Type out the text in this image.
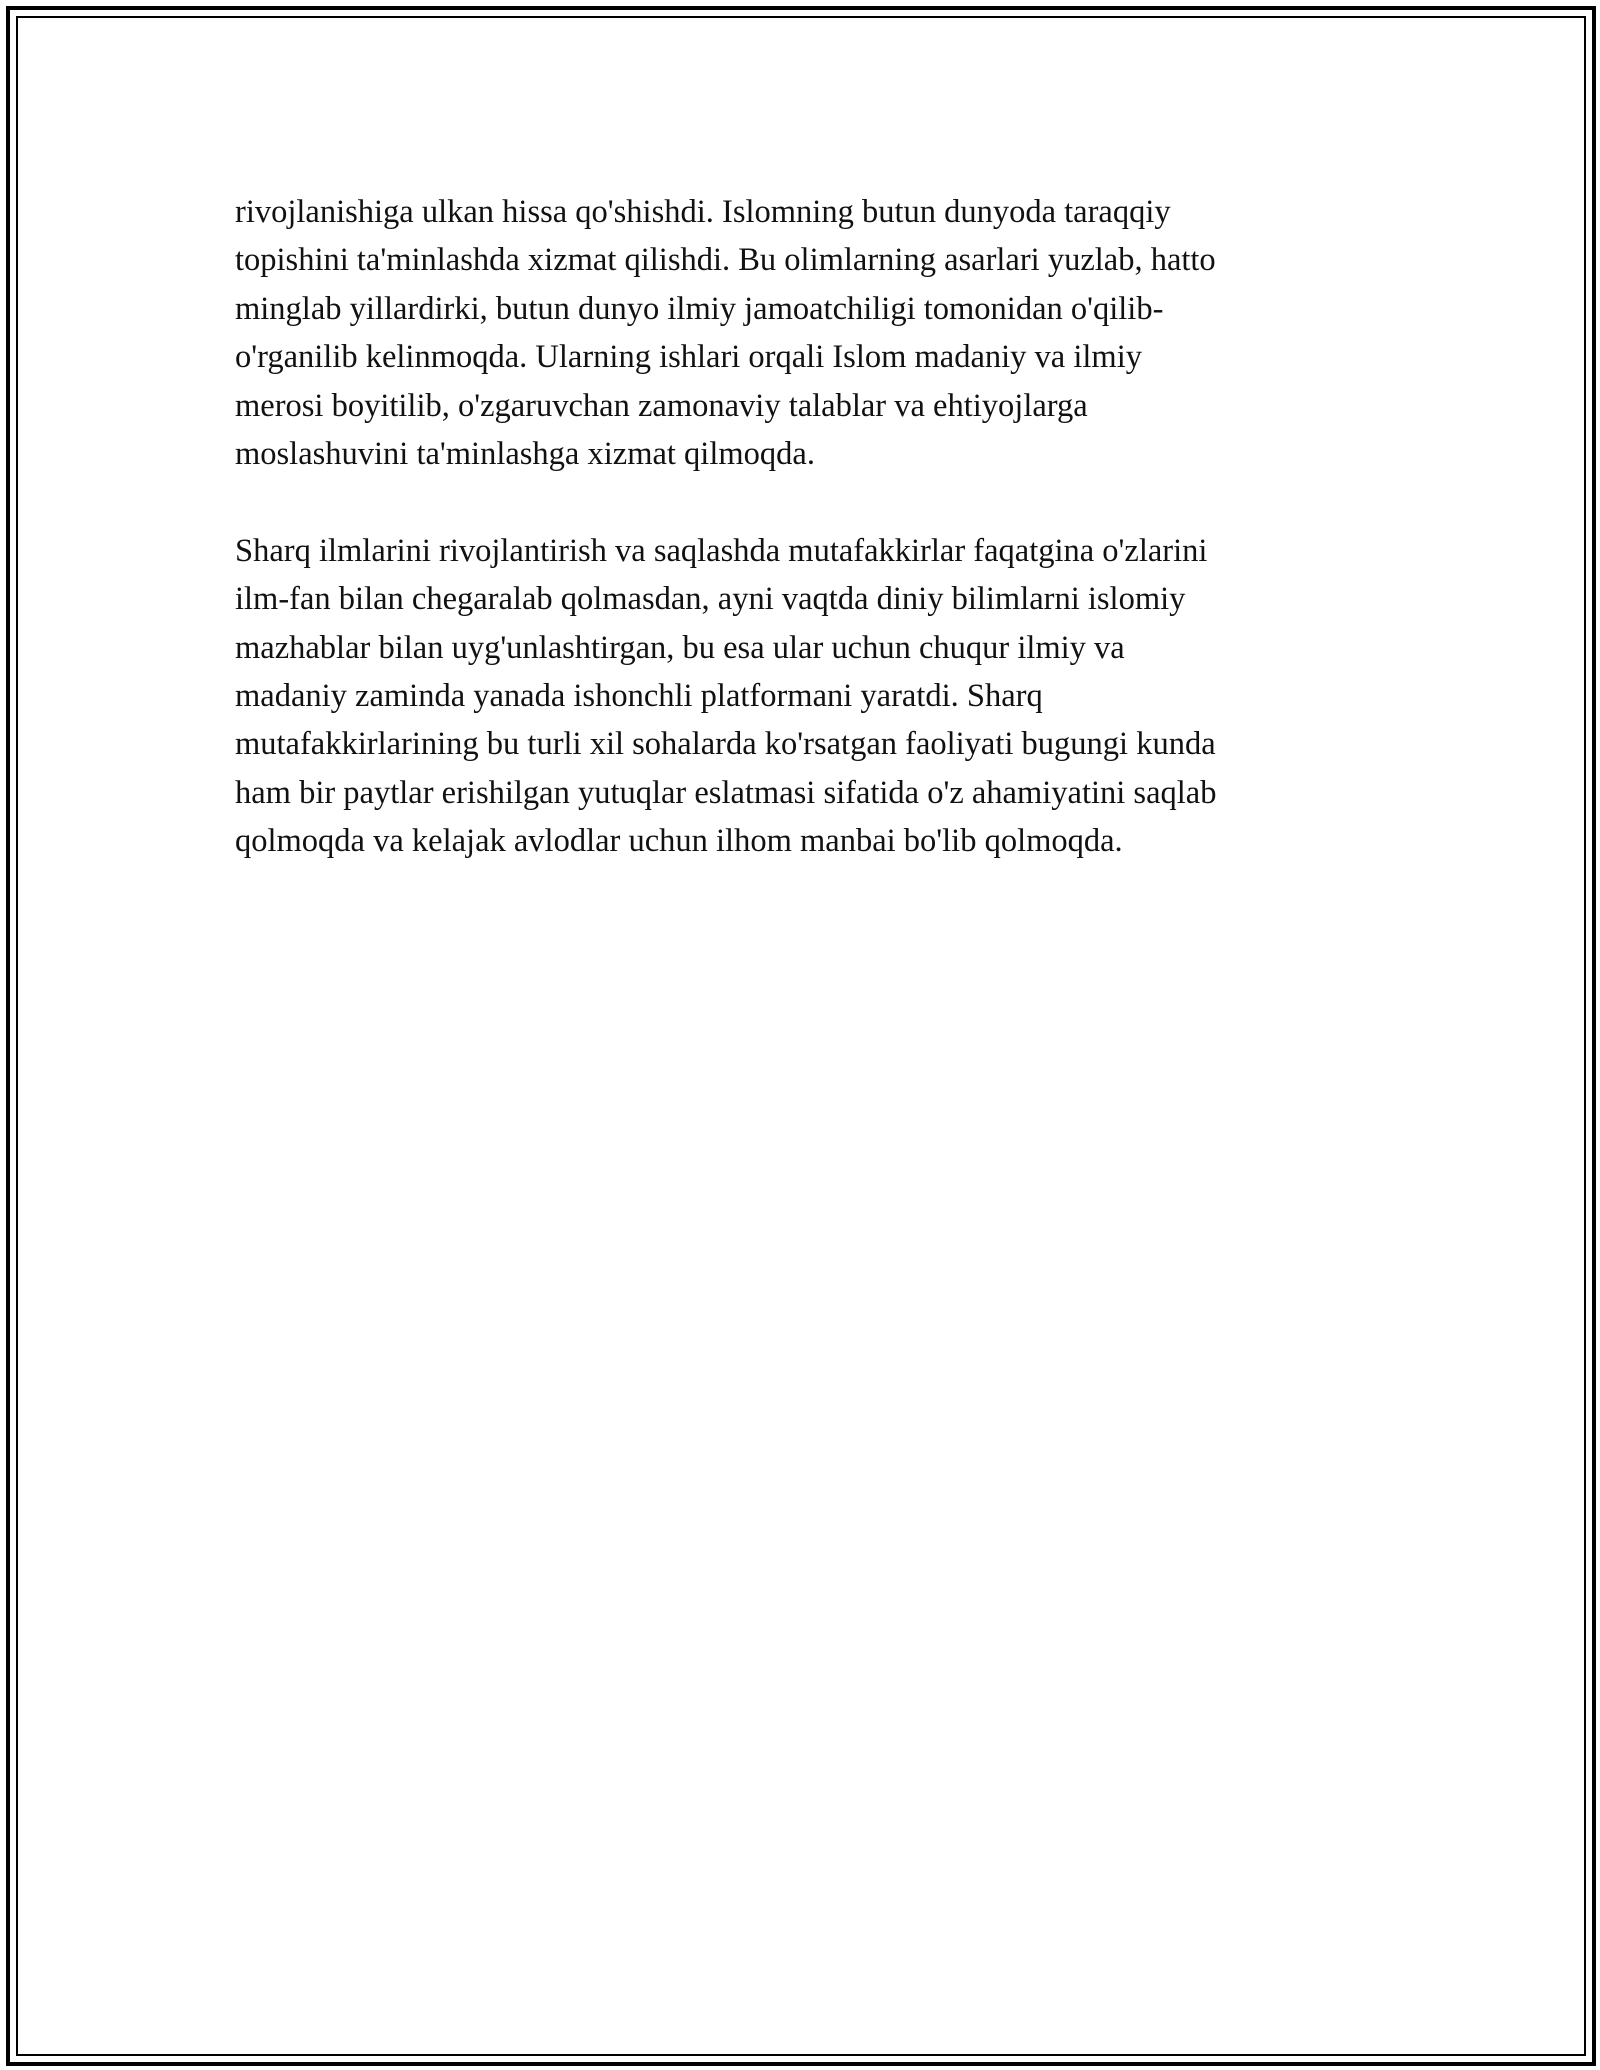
rivojlanishiga ulkan hissa qo'shishdi. Islomning butun dunyoda taraqqiy
topishini ta'minlashda xizmat qilishdi. Bu olimlarning asarlari yuzlab, hatto
minglab yillardirki, butun dunyo ilmiy jamoatchiligi tomonidan o'qilib-
o'rganilib kelinmoqda. Ularning ishlari orqali Islom madaniy va ilmiy
merosi boyitilib, o'zgaruvchan zamonaviy talablar va ehtiyojlarga
moslashuvini ta'minlashga xizmat qilmoqda.
Sharq ilmlarini rivojlantirish va saqlashda mutafakkirlar faqatgina o'zlarini
ilm-fan bilan chegaralab qolmasdan, ayni vaqtda diniy bilimlarni islomiy
mazhablar bilan uyg'unlashtirgan, bu esa ular uchun chuqur ilmiy va
madaniy zaminda yanada ishonchli platformani yaratdi. Sharq
mutafakkirlarining bu turli xil sohalarda ko'rsatgan faoliyati bugungi kunda
ham bir paytlar erishilgan yutuqlar eslatmasi sifatida o'z ahamiyatini saqlab
qolmoqda va kelajak avlodlar uchun ilhom manbai bo'lib qolmoqda.
